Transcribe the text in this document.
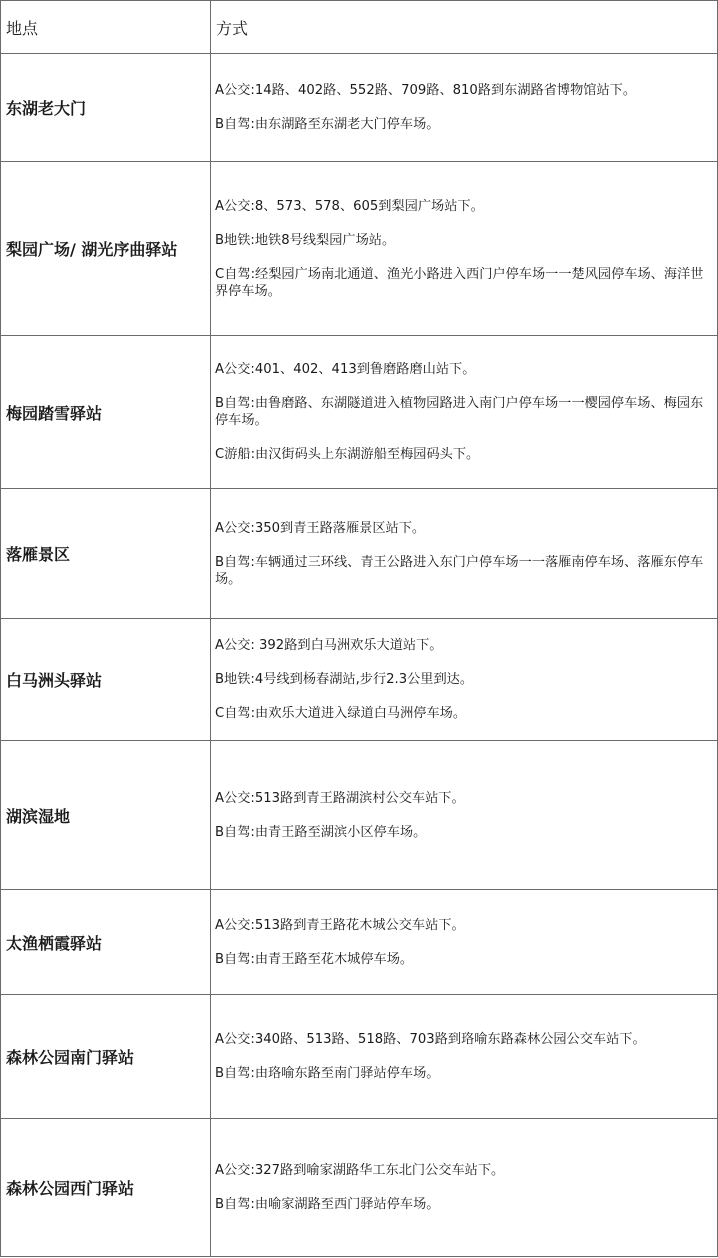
地点	方式
东湖老大门	A公交:14路、402路、552路、709路、810路到东湖路省博物馆站下。

B自驾:由东湖路至东湖老大门停车场。

梨园广场/ 湖光序曲驿站	A公交:8、573、578、605到梨园广场站下。

B地铁:地铁8号线梨园广场站。

C自驾:经梨园广场南北通道、渔光小路进入西门户停车场一一楚风园停车场、海洋世界停车场。

梅园踏雪驿站	A公交:401、402、413到鲁磨路磨山站下。

B自驾:由鲁磨路、东湖隧道进入植物园路进入南门户停车场一一樱园停车场、梅园东停车场。

C游船:由汉街码头上东湖游船至梅园码头下。

落雁景区	A公交:350到青王路落雁景区站下。

B自驾:车辆通过三环线、青王公路进入东门户停车场一一落雁南停车场、落雁东停车场。

白马洲头驿站	A公交: 392路到白马洲欢乐大道站下。

B地铁:4号线到杨春湖站,步行2.3公里到达。

C自驾:由欢乐大道进入绿道白马洲停车场。

湖滨湿地	A公交:513路到青王路湖滨村公交车站下。

B自驾:由青王路至湖滨小区停车场。

太渔栖霞驿站	A公交:513路到青王路花木城公交车站下。

B自驾:由青王路至花木城停车场。

森林公园南门驿站	A公交:340路、513路、518路、703路到珞喻东路森林公园公交车站下。

B自驾:由珞喻东路至南门驿站停车场。

森林公园西门驿站	A公交:327路到喻家湖路华工东北门公交车站下。

B自驾:由喻家湖路至西门驿站停车场。
